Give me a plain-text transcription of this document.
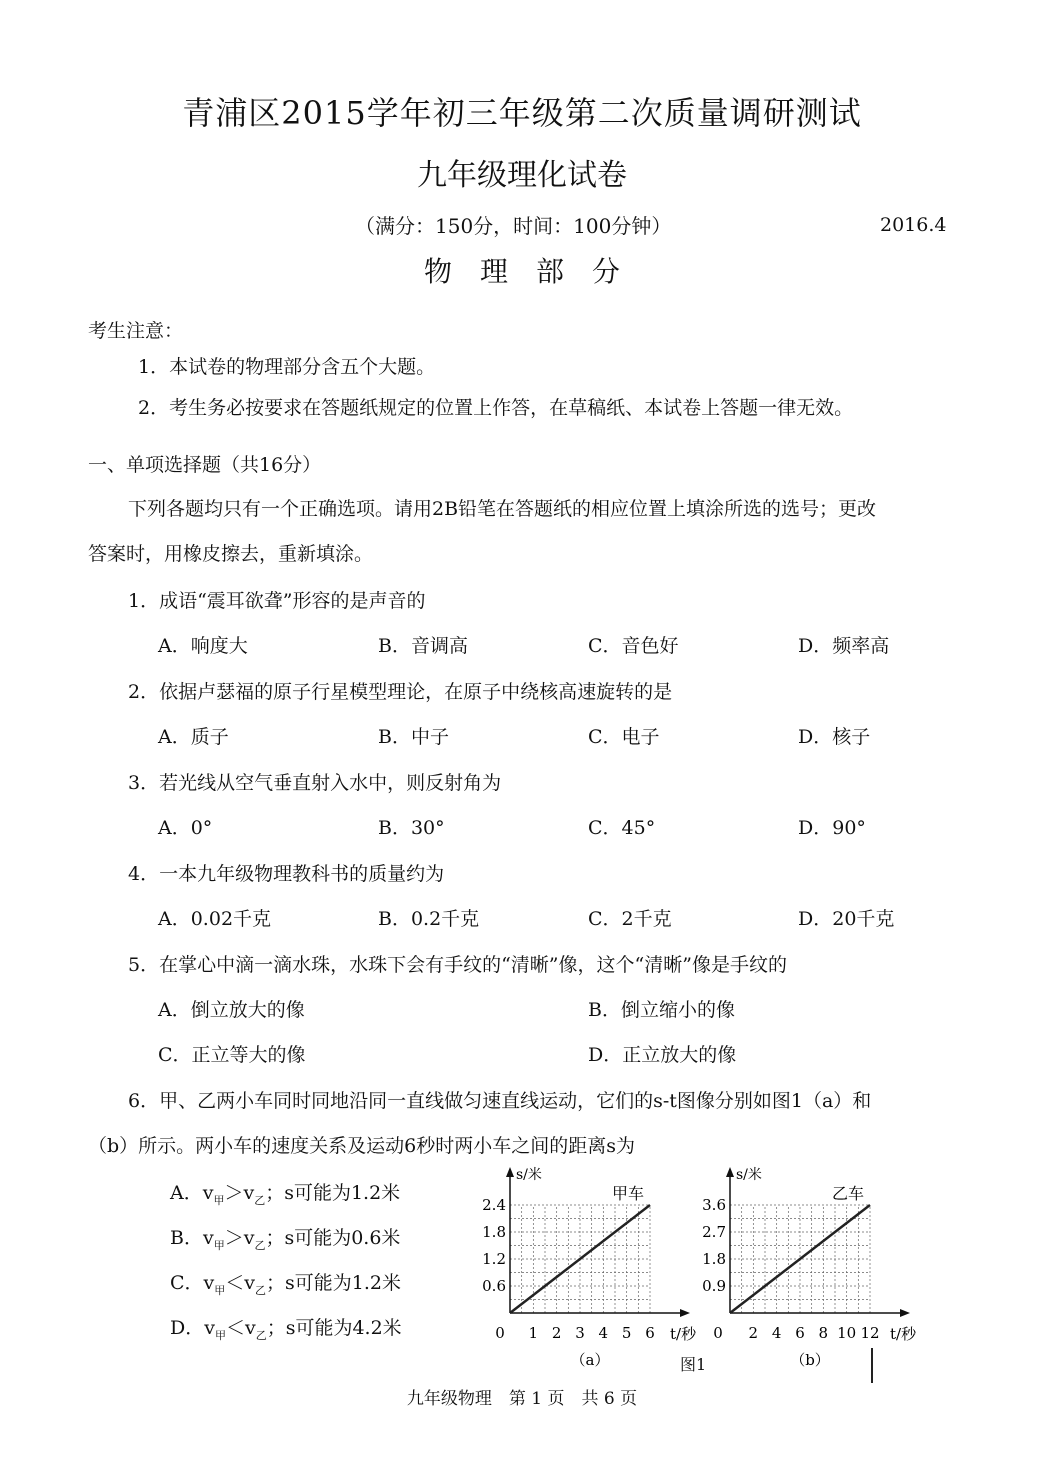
青浦区2015学年初三年级第二次质量调研测试
九年级理化试卷
（满分：150分，时间：100分钟）	2016.4
物理部分
考生注意：
1．本试卷的物理部分含五个大题。
2．考生务必按要求在答题纸规定的位置上作答，在草稿纸、本试卷上答题一律无效。
一、单项选择题（共16分）
下列各题均只有一个正确选项。请用2B铅笔在答题纸的相应位置上填涂所选的选号；更改
答案时，用橡皮擦去，重新填涂。
1．成语“震耳欲聋”形容的是声音的
A．响度大	B．音调高	C．音色好	D．频率高
2．依据卢瑟福的原子行星模型理论，在原子中绕核高速旋转的是
A．质子	B．中子	C．电子	D．核子
3．若光线从空气垂直射入水中，则反射角为
A．0°	B．30°	C．45°	D．90°
4．一本九年级物理教科书的质量约为
A．0.02千克	B．0.2千克	C．2千克	D．20千克
5．在掌心中滴一滴水珠，水珠下会有手纹的“清晰”像，这个“清晰”像是手纹的
A．倒立放大的像	B．倒立缩小的像
C．正立等大的像	D．正立放大的像
6．甲、乙两小车同时同地沿同一直线做匀速直线运动，它们的s-t图像分别如图1（a）和
（b）所示。两小车的速度关系及运动6秒时两小车之间的距离s为
A．$v_甲>v_乙$；s可能为1.2米
B．$v_甲>v_乙$；s可能为0.6米
C．$v_甲<v_乙$；s可能为1.2米
D．$v_甲<v_乙$；s可能为4.2米
s/米
t/秒
0.6
1.2
1.8
2.4
0 1 2 3 4 5 6
甲车
（a）
s/米
t/秒
0.9
1.8
2.7
3.6
2 4 6 8 10 12
0
乙车
（b）
图1
九年级物理　第 1 页　共 6 页
